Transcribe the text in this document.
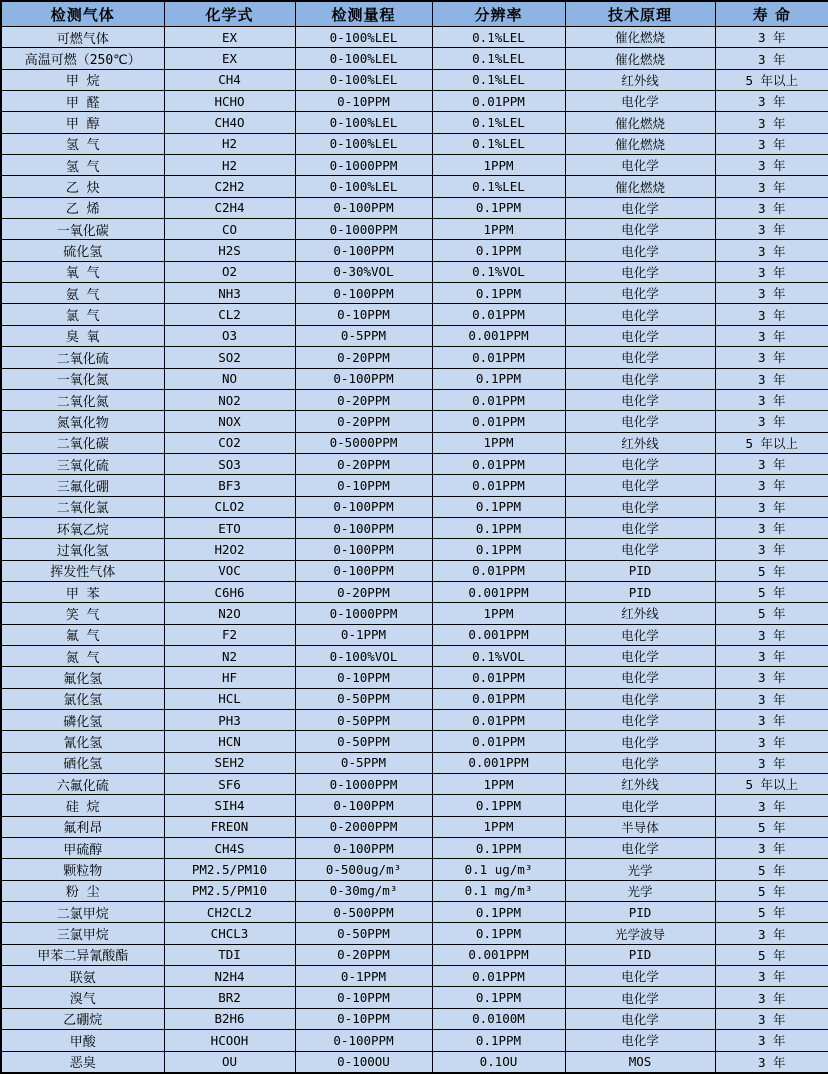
检测气体	化学式	检测量程	分辨率	技术原理	寿 命
可燃气体	EX	0-100%LEL	0.1%LEL	催化燃烧	3 年
高温可燃（250℃）	EX	0-100%LEL	0.1%LEL	催化燃烧	3 年
甲 烷	CH4	0-100%LEL	0.1%LEL	红外线	5 年以上
甲 醛	HCHO	0-10PPM	0.01PPM	电化学	3 年
甲 醇	CH4O	0-100%LEL	0.1%LEL	催化燃烧	3 年
氢 气	H2	0-100%LEL	0.1%LEL	催化燃烧	3 年
氢 气	H2	0-1000PPM	1PPM	电化学	3 年
乙 炔	C2H2	0-100%LEL	0.1%LEL	催化燃烧	3 年
乙 烯	C2H4	0-100PPM	0.1PPM	电化学	3 年
一氧化碳	CO	0-1000PPM	1PPM	电化学	3 年
硫化氢	H2S	0-100PPM	0.1PPM	电化学	3 年
氧 气	O2	0-30%VOL	0.1%VOL	电化学	3 年
氨 气	NH3	0-100PPM	0.1PPM	电化学	3 年
氯 气	CL2	0-10PPM	0.01PPM	电化学	3 年
臭 氧	O3	0-5PPM	0.001PPM	电化学	3 年
二氧化硫	SO2	0-20PPM	0.01PPM	电化学	3 年
一氧化氮	NO	0-100PPM	0.1PPM	电化学	3 年
二氧化氮	NO2	0-20PPM	0.01PPM	电化学	3 年
氮氧化物	NOX	0-20PPM	0.01PPM	电化学	3 年
二氧化碳	CO2	0-5000PPM	1PPM	红外线	5 年以上
三氧化硫	SO3	0-20PPM	0.01PPM	电化学	3 年
三氟化硼	BF3	0-10PPM	0.01PPM	电化学	3 年
二氧化氯	CLO2	0-100PPM	0.1PPM	电化学	3 年
环氧乙烷	ETO	0-100PPM	0.1PPM	电化学	3 年
过氧化氢	H2O2	0-100PPM	0.1PPM	电化学	3 年
挥发性气体	VOC	0-100PPM	0.01PPM	PID	5 年
甲 苯	C6H6	0-20PPM	0.001PPM	PID	5 年
笑 气	N2O	0-1000PPM	1PPM	红外线	5 年
氟 气	F2	0-1PPM	0.001PPM	电化学	3 年
氮 气	N2	0-100%VOL	0.1%VOL	电化学	3 年
氟化氢	HF	0-10PPM	0.01PPM	电化学	3 年
氯化氢	HCL	0-50PPM	0.01PPM	电化学	3 年
磷化氢	PH3	0-50PPM	0.01PPM	电化学	3 年
氰化氢	HCN	0-50PPM	0.01PPM	电化学	3 年
硒化氢	SEH2	0-5PPM	0.001PPM	电化学	3 年
六氟化硫	SF6	0-1000PPM	1PPM	红外线	5 年以上
硅 烷	SIH4	0-100PPM	0.1PPM	电化学	3 年
氟利昂	FREON	0-2000PPM	1PPM	半导体	5 年
甲硫醇	CH4S	0-100PPM	0.1PPM	电化学	3 年
颗粒物	PM2.5/PM10	0-500ug/m³	0.1 ug/m³	光学	5 年
粉 尘	PM2.5/PM10	0-30mg/m³	0.1 mg/m³	光学	5 年
二氯甲烷	CH2CL2	0-500PPM	0.1PPM	PID	5 年
三氯甲烷	CHCL3	0-50PPM	0.1PPM	光学波导	3 年
甲苯二异氰酸酯	TDI	0-20PPM	0.001PPM	PID	5 年
联氨	N2H4	0-1PPM	0.01PPM	电化学	3 年
溴气	BR2	0-10PPM	0.1PPM	电化学	3 年
乙硼烷	B2H6	0-10PPM	0.0100M	电化学	3 年
甲酸	HCOOH	0-100PPM	0.1PPM	电化学	3 年
恶臭	OU	0-100OU	0.1OU	MOS	3 年
